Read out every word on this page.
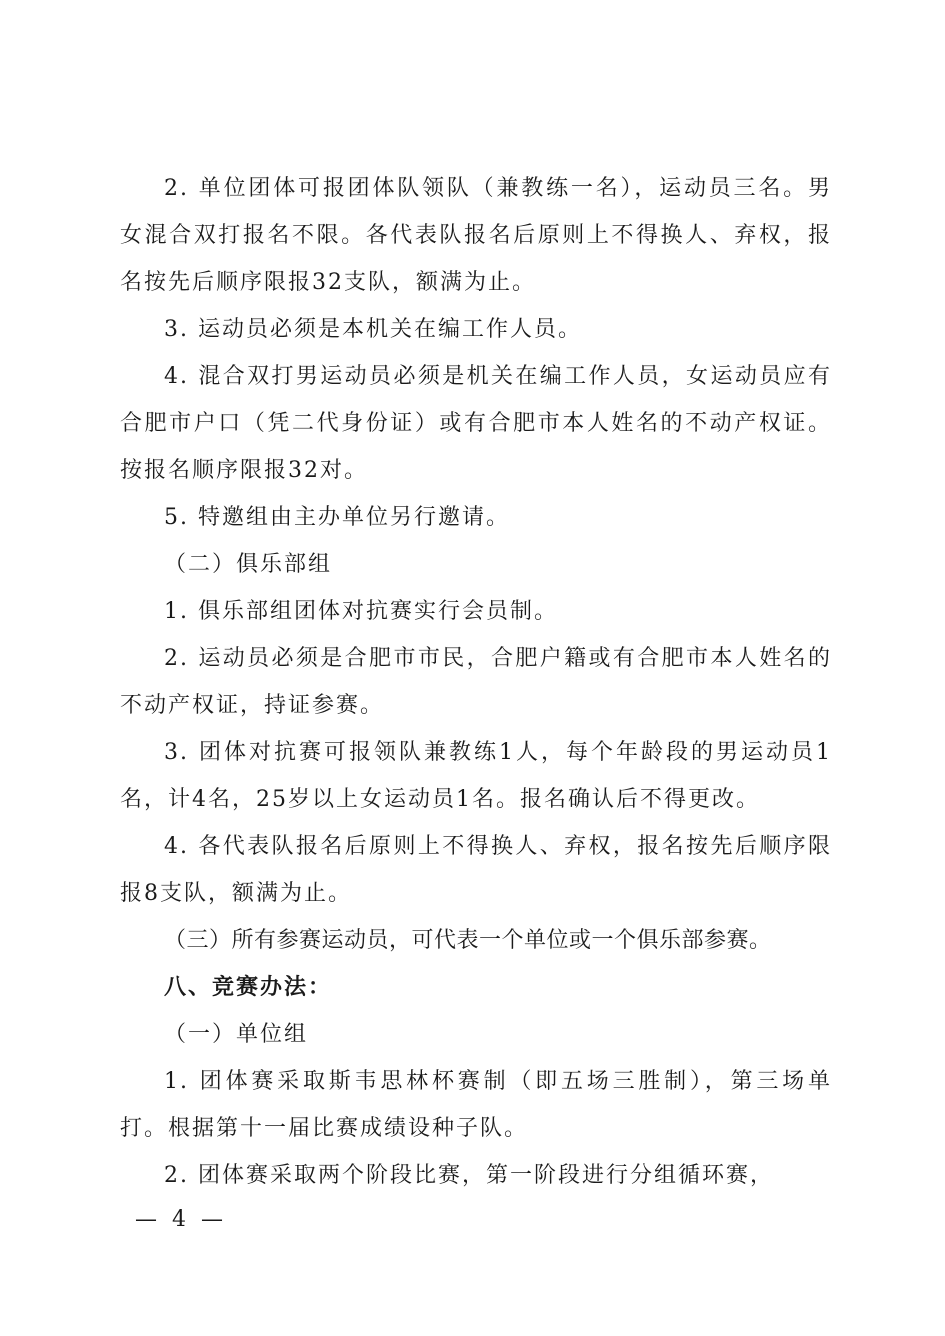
2. 单位团体可报团体队领队（兼教练一名），运动员三名。男女混合双打报名不限。各代表队报名后原则上不得换人、弃权，报名按先后顺序限报32支队，额满为止。

3. 运动员必须是本机关在编工作人员。

4. 混合双打男运动员必须是机关在编工作人员，女运动员应有合肥市户口（凭二代身份证）或有合肥市本人姓名的不动产权证。按报名顺序限报32对。

5. 特邀组由主办单位另行邀请。

（二）俱乐部组

1. 俱乐部组团体对抗赛实行会员制。

2. 运动员必须是合肥市市民，合肥户籍或有合肥市本人姓名的不动产权证，持证参赛。

3. 团体对抗赛可报领队兼教练1人，每个年龄段的男运动员1名，计4名，25岁以上女运动员1名。报名确认后不得更改。

4. 各代表队报名后原则上不得换人、弃权，报名按先后顺序限报8支队，额满为止。

（三）所有参赛运动员，可代表一个单位或一个俱乐部参赛。

八、竞赛办法：

（一）单位组

1. 团体赛采取斯韦思林杯赛制（即五场三胜制），第三场单打。根据第十一届比赛成绩设种子队。

2. 团体赛采取两个阶段比赛，第一阶段进行分组循环赛，

— 4 —
